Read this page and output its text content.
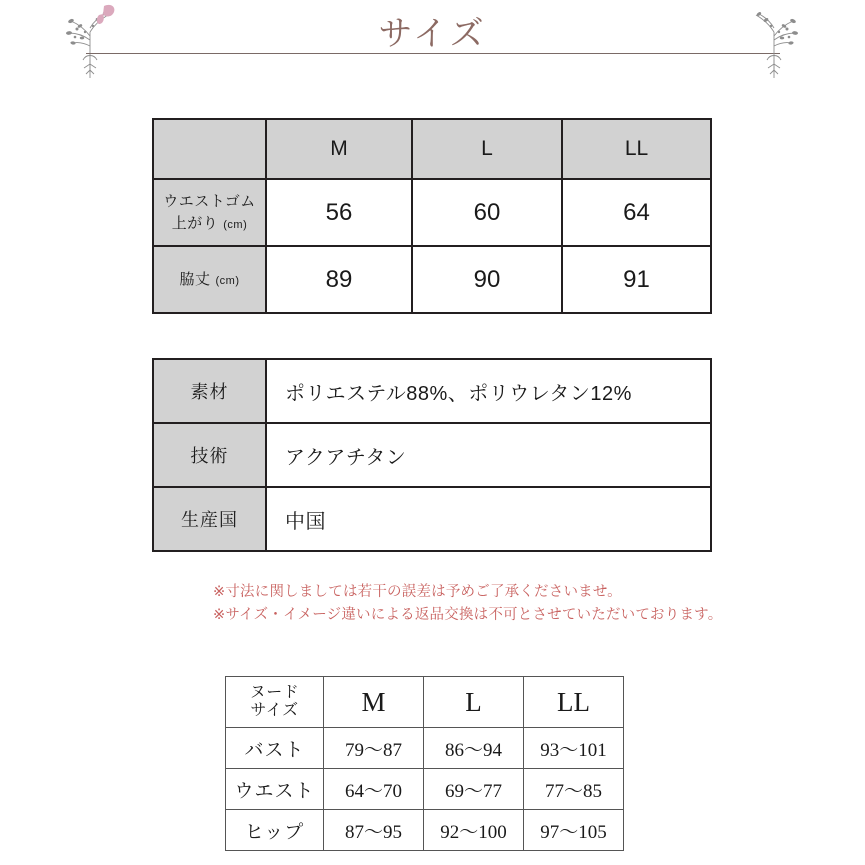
サイズ
	M	L	LL

ウエストゴム
上がり (cm)	56	60	64

脇丈 (cm)	89	90	91
素材	ポリエステル88%、ポリウレタン12%
技術	アクアチタン
生産国	中国
※寸法に関しましては若干の誤差は予めご了承くださいませ。
※サイズ・イメージ違いによる返品交換は不可とさせていただいております。
ヌード
サイズ	M	L	LL
バスト	79〜87	86〜94	93〜101
ウエスト	64〜70	69〜77	77〜85
ヒップ	87〜95	92〜100	97〜105
